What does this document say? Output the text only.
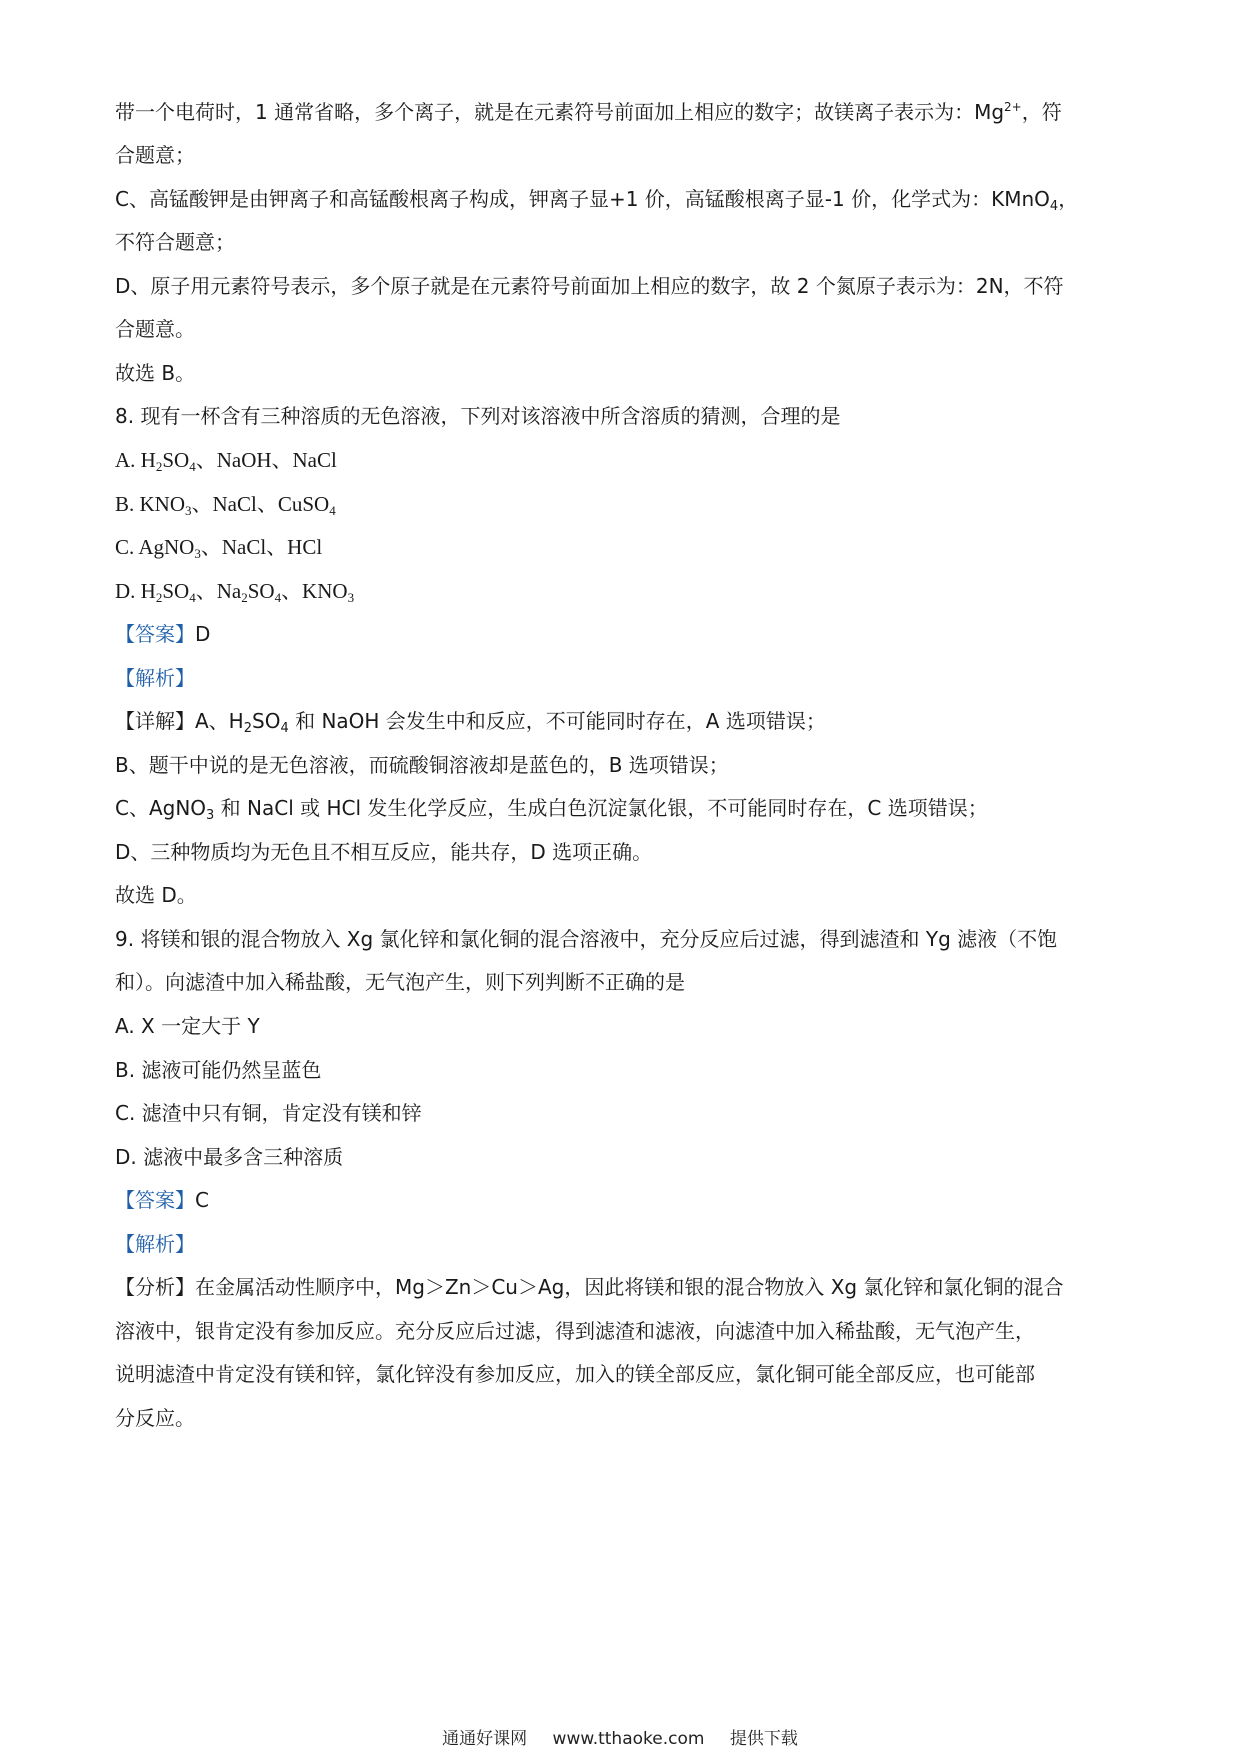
带一个电荷时，1 通常省略，多个离子，就是在元素符号前面加上相应的数字；故镁离子表示为：$Mg^{2+}$，符
合题意；
C、高锰酸钾是由钾离子和高锰酸根离子构成，钾离子显+1 价，高锰酸根离子显-1 价，化学式为：KMnO$_4$，
不符合题意；
D、原子用元素符号表示，多个原子就是在元素符号前面加上相应的数字，故 2 个氮原子表示为：2N，不符
合题意。
故选 B。
8. 现有一杯含有三种溶质的无色溶液，下列对该溶液中所含溶质的猜测，合理的是
A. $H_2SO_4$、NaOH、NaCl
B. $KNO_3$、NaCl、CuSO$_4$
C. AgNO$_3$、NaCl、HCl
D. $H_2SO_4$、$Na_2SO_4$、$KNO_3$
【答案】D
【解析】
【详解】A、$H_2SO_4$ 和 NaOH 会发生中和反应，不可能同时存在，A 选项错误；
B、题干中说的是无色溶液，而硫酸铜溶液却是蓝色的，B 选项错误；
C、AgNO$_3$ 和 NaCl 或 HCl 发生化学反应，生成白色沉淀氯化银，不可能同时存在，C 选项错误；
D、三种物质均为无色且不相互反应，能共存，D 选项正确。
故选 D。
9. 将镁和银的混合物放入 Xg 氯化锌和氯化铜的混合溶液中，充分反应后过滤，得到滤渣和 Yg 滤液（不饱
和）。向滤渣中加入稀盐酸，无气泡产生，则下列判断不正确的是
A. X 一定大于 Y
B. 滤液可能仍然呈蓝色
C. 滤渣中只有铜，肯定没有镁和锌
D. 滤液中最多含三种溶质
【答案】C
【解析】
【分析】在金属活动性顺序中，Mg＞Zn＞Cu＞Ag，因此将镁和银的混合物放入 Xg 氯化锌和氯化铜的混合
溶液中，银肯定没有参加反应。充分反应后过滤，得到滤渣和滤液，向滤渣中加入稀盐酸，无气泡产生，
说明滤渣中肯定没有镁和锌，氯化锌没有参加反应，加入的镁全部反应，氯化铜可能全部反应，也可能部
分反应。
通通好课网 www.tthaoke.com 提供下载
